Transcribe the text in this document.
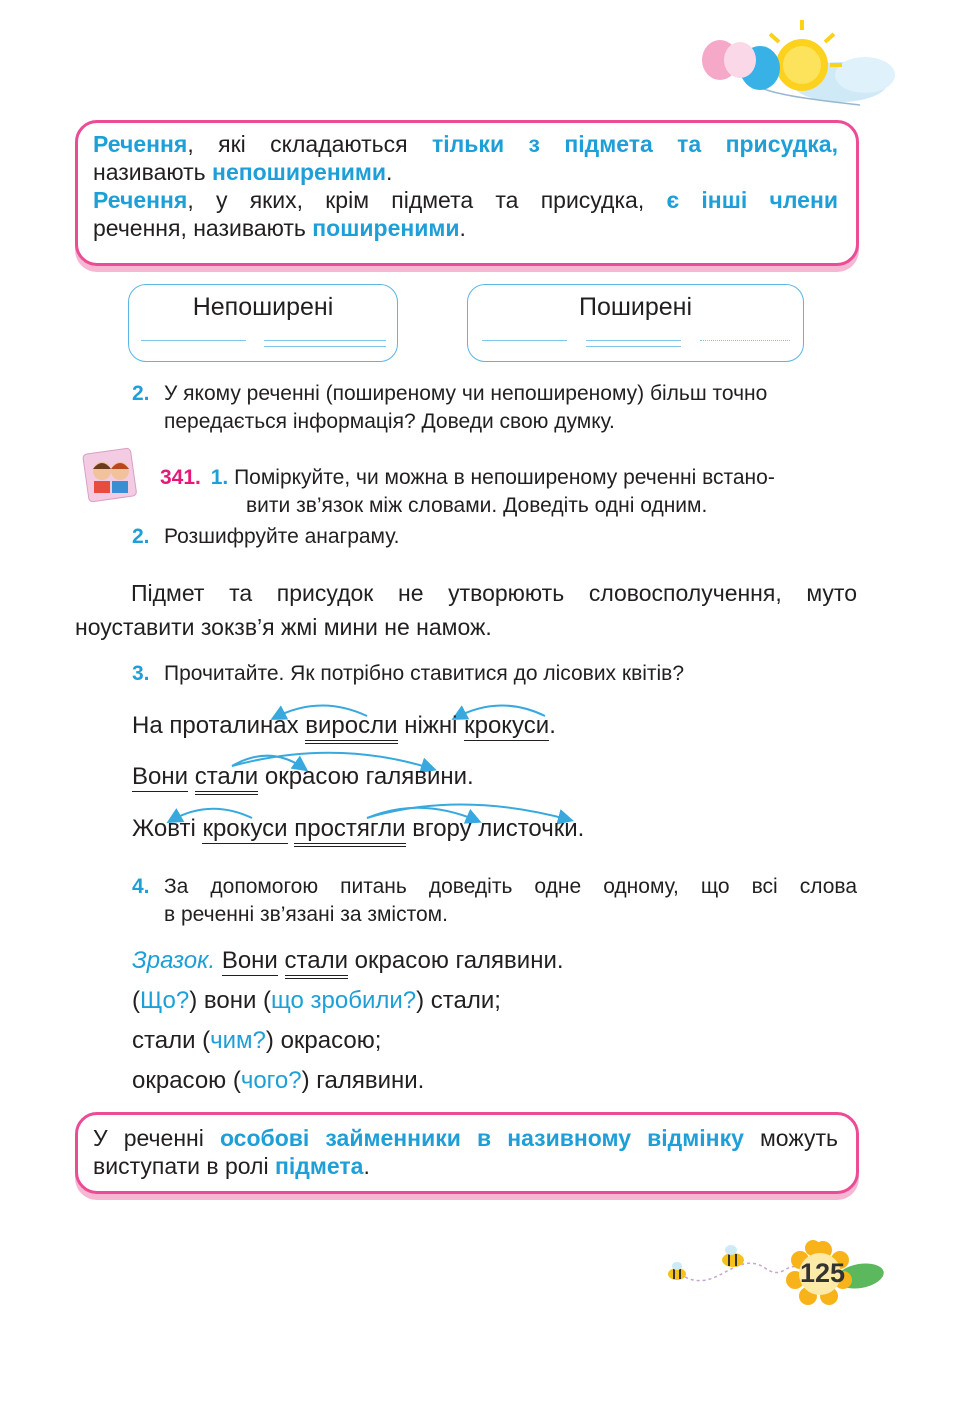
Речення, які складаються тільки з підмета та присудка,
називають непоширеними.
Речення, у яких, крім підмета та присудка, є інші члени
речення, називають поширеними.
Непоширені	Поширені
2. У якому реченні (поширеному чи непоширеному) більш точно передається інформація? Доведи свою думку.
341. 1. Поміркуйте, чи можна в непоширеному реченні встано-
вити зв’язок між словами. Доведіть одні одним.
2. Розшифруйте анаграму.
Підмет та присудок не утворюють словосполучення, муто
ноуставити зокзв’я жмі мини не намож.
3. Прочитайте. Як потрібно ставитися до лісових квітів?
На проталинах виросли ніжні крокуси.
Вони стали окрасою галявини.
Жовті крокуси простягли вгору листочки.
4. За допомогою питань доведіть одне одному, що всі слова
в реченні зв’язані за змістом.
Зразок. Вони стали окрасою галявини.
(Що?) вони (що зробили?) стали;
стали (чим?) окрасою;
окрасою (чого?) галявини.
У реченні особові займенники в називному відмінку можуть
виступати в ролі підмета.
125
